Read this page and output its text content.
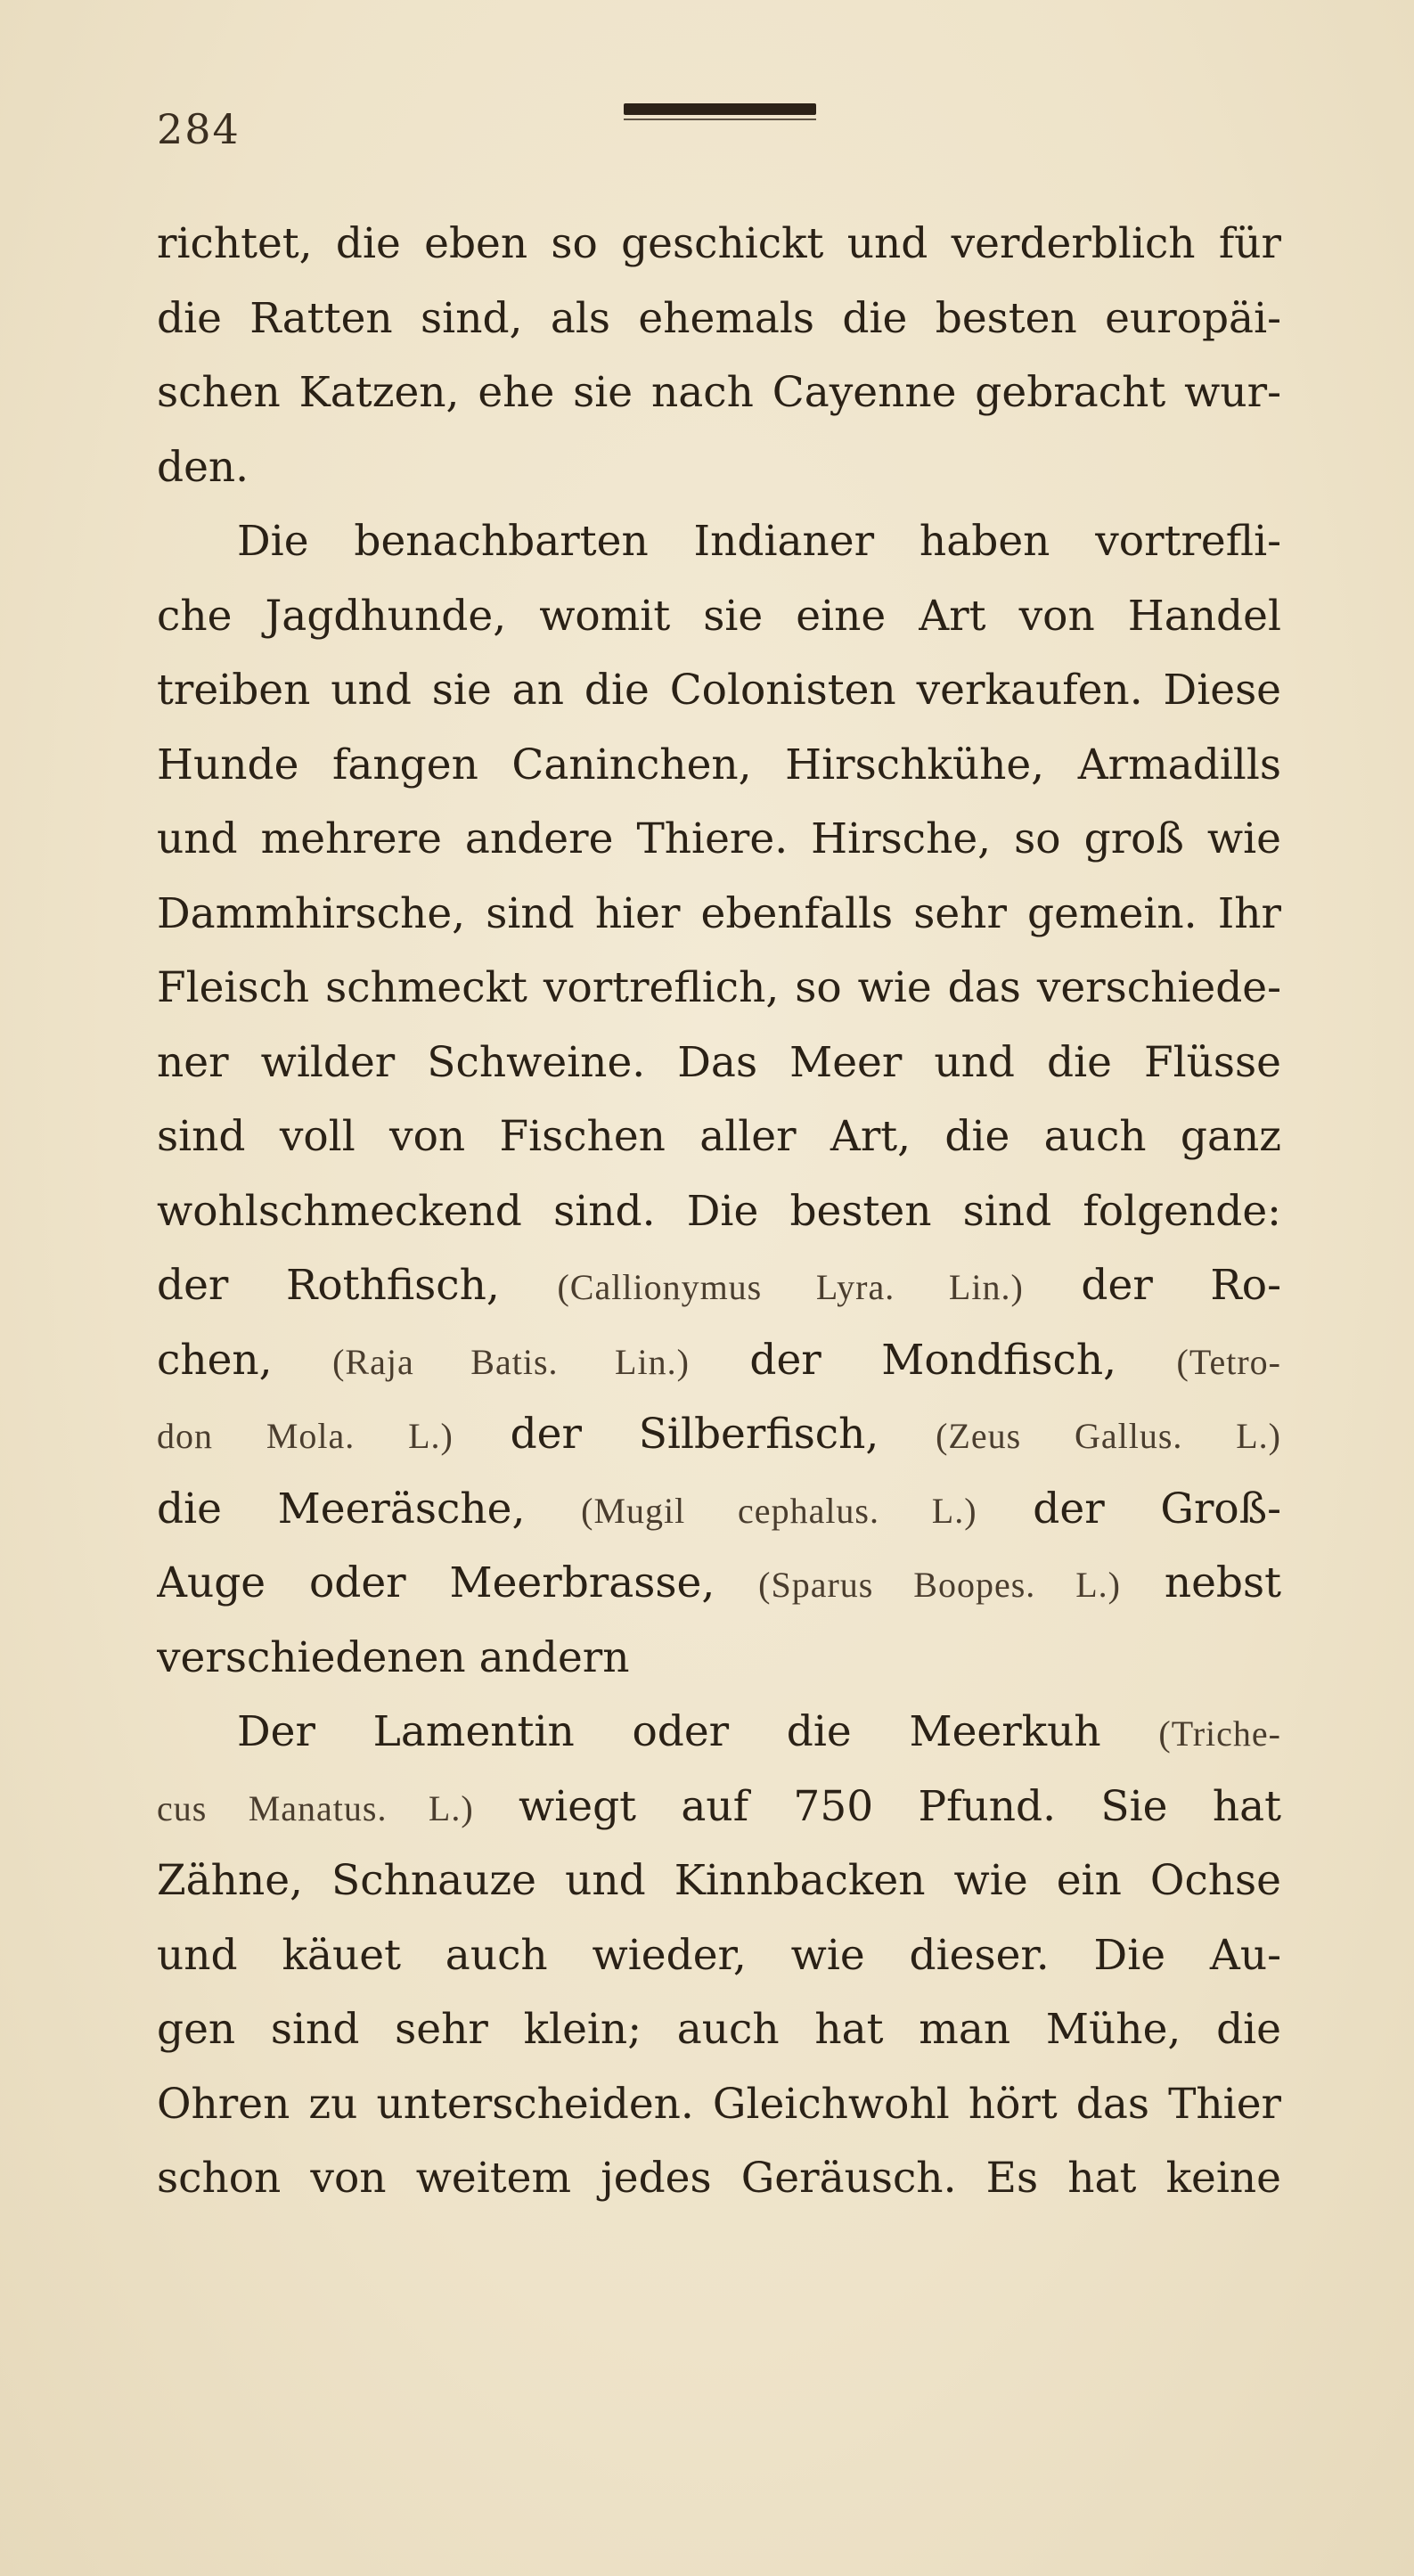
284
richtet, die eben so geschickt und verderblich für
die Ratten sind, als ehemals die besten europäi-
schen Katzen, ehe sie nach Cayenne gebracht wur-
den.
Die benachbarten Indianer haben vortrefli-
che Jagdhunde, womit sie eine Art von Handel
treiben und sie an die Colonisten verkaufen. Diese
Hunde fangen Caninchen, Hirschkühe, Armadills
und mehrere andere Thiere. Hirsche, so groß wie
Dammhirsche, sind hier ebenfalls sehr gemein. Ihr
Fleisch schmeckt vortreflich, so wie das verschiede-
ner wilder Schweine. Das Meer und die Flüsse
sind voll von Fischen aller Art, die auch ganz
wohlschmeckend sind. Die besten sind folgende:
der Rothfisch, (Callionymus Lyra. Lin.) der Ro-
chen, (Raja Batis. Lin.) der Mondfisch, (Tetro-
don Mola. L.) der Silberfisch, (Zeus Gallus. L.)
die Meeräsche, (Mugil cephalus. L.) der Groß-
Auge oder Meerbrasse, (Sparus Boopes. L.) nebst
verschiedenen andern
Der Lamentin oder die Meerkuh (Triche-
cus Manatus. L.) wiegt auf 750 Pfund. Sie hat
Zähne, Schnauze und Kinnbacken wie ein Ochse
und käuet auch wieder, wie dieser. Die Au-
gen sind sehr klein; auch hat man Mühe, die
Ohren zu unterscheiden. Gleichwohl hört das Thier
schon von weitem jedes Geräusch. Es hat keine
